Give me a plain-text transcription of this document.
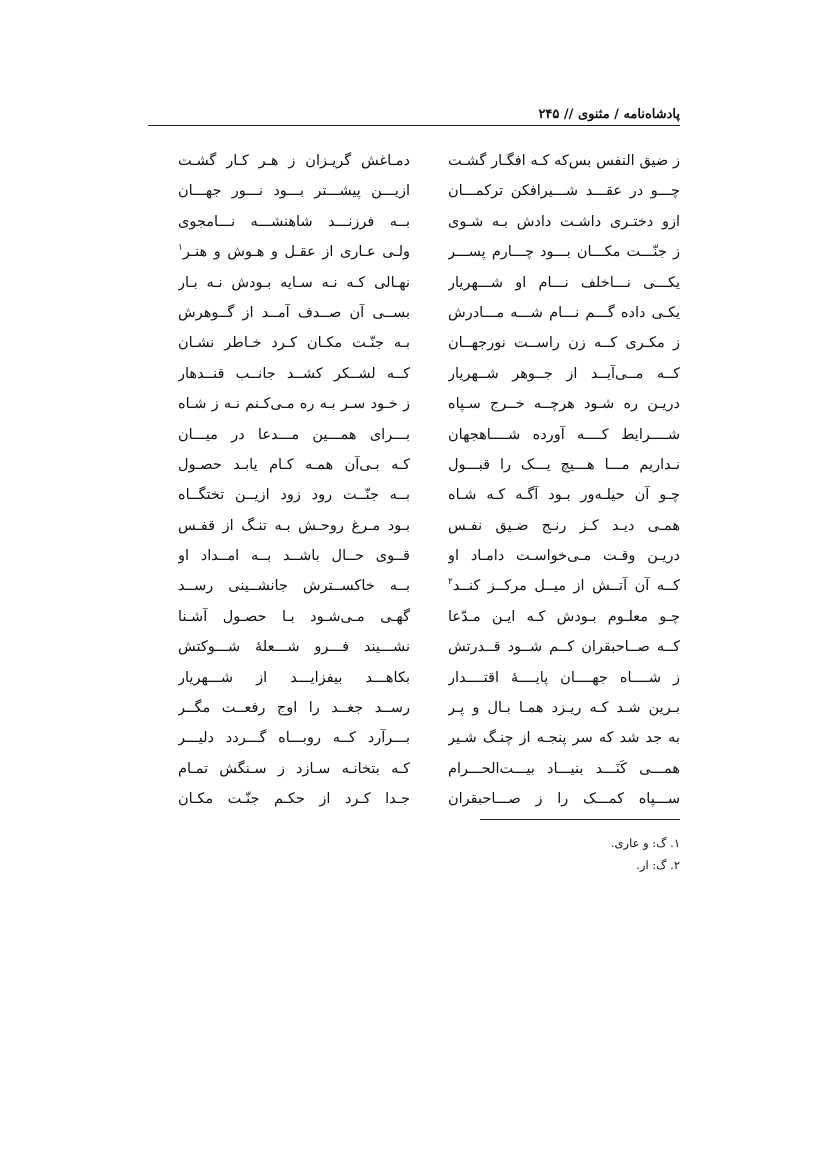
پادشاه‌نامه / مثنوی // ۲۴۵
ز ضیق النفس بس‌که کـه افگـار گشـت
چـــو در عقـــد شـــیرافکن ترکمـــان
ازو دختـری داشـت دادش بـه شـوی
ز جنّـــت مکـــان بـــود چـــارم پســـر
یکـــی نـــاخلف نـــام او شـــهریار
یکـی داده گـــم نـــام شـــه مـــادرش
ز مکـری کــه زن راســت نورجهــان
کــه مــی‌آیــد از جــوهر شــهریار
دریـن ره شـود هرچــه خــرج سـپاه
شــــرایط کــــه آورده شــــاهجهان
نـداریم مـــا هـــیچ یـــک را قبـــول
چـو آن حیلـه‌ور بـود آگـه کـه شـاه
همـی دیـد کـز رنـج ضـیق نفـس
دریـن وقـت مـی‌خواسـت دامـاد او
کــه آن آتــش از میــل مرکــز کنــد$^۲$
چـو معلـوم بـودش کـه ایـن مـدّعا
کــه صــاحبقران کــم شــود قــدرتش
ز شــــاه جهــــان پایــــهٔ اقتــــدار
بـرین شـد کـه ریـزد همـا بـال و پـر
به جد شد که سر پنجـه از چنـگ شـیر
همـــی کَنَـــد بنیـــاد بیـــت‌الحـــرام
ســـپاه کمـــک را ز صـــاحبقران
دمـاغش گریـزان ز هـر کـار گشـت
ازیـــن پیشـــتر بـــود نـــور جهـــان
بــه فرزنـــد شاهنشـــه نـــامجوی
ولـی عـاری از عقـل و هـوش و هنـر$^۱$
نهـالی کـه نـه سـایه بـودش نـه بـار
بســی آن صــدف آمــد از گــوهرش
بـه جنّـت مکـان کـرد خـاطر نشـان
کــه لشــکر کشــد جانــب قنــدهار
ز خـود سـر بـه ره مـی‌کـنم نـه ز شـاه
بـــرای همـــین مـــدعا در میـــان
کـه بـی‌آن همـه کـام یابـد حصـول
بــه جنّــت رود زود ازیــن تختگــاه
بـود مـرغ روحـش بـه تنـگ از قفـس
قــوی حــال باشــد بــه امــداد او
بــه خاکســترش جانشــینی رســد
گهـی مـی‌شـود بـا حصـول آشـنا
نشـــیند فـــرو شـــعلهٔ شـــوکتش
بکاهـــد بیفزایـــد از شـــهریار
رســد جغــد را اوج رفعــت مگــر
بـــرآرد کــه روبـــاه گـــردد دلیـــر
کـه بتخانـه سـازد ز سـنگش تمـام
جـدا کـرد از حکـم جنّـت مکـان
۱. گ: و عاری.
۲. گ: ار.
